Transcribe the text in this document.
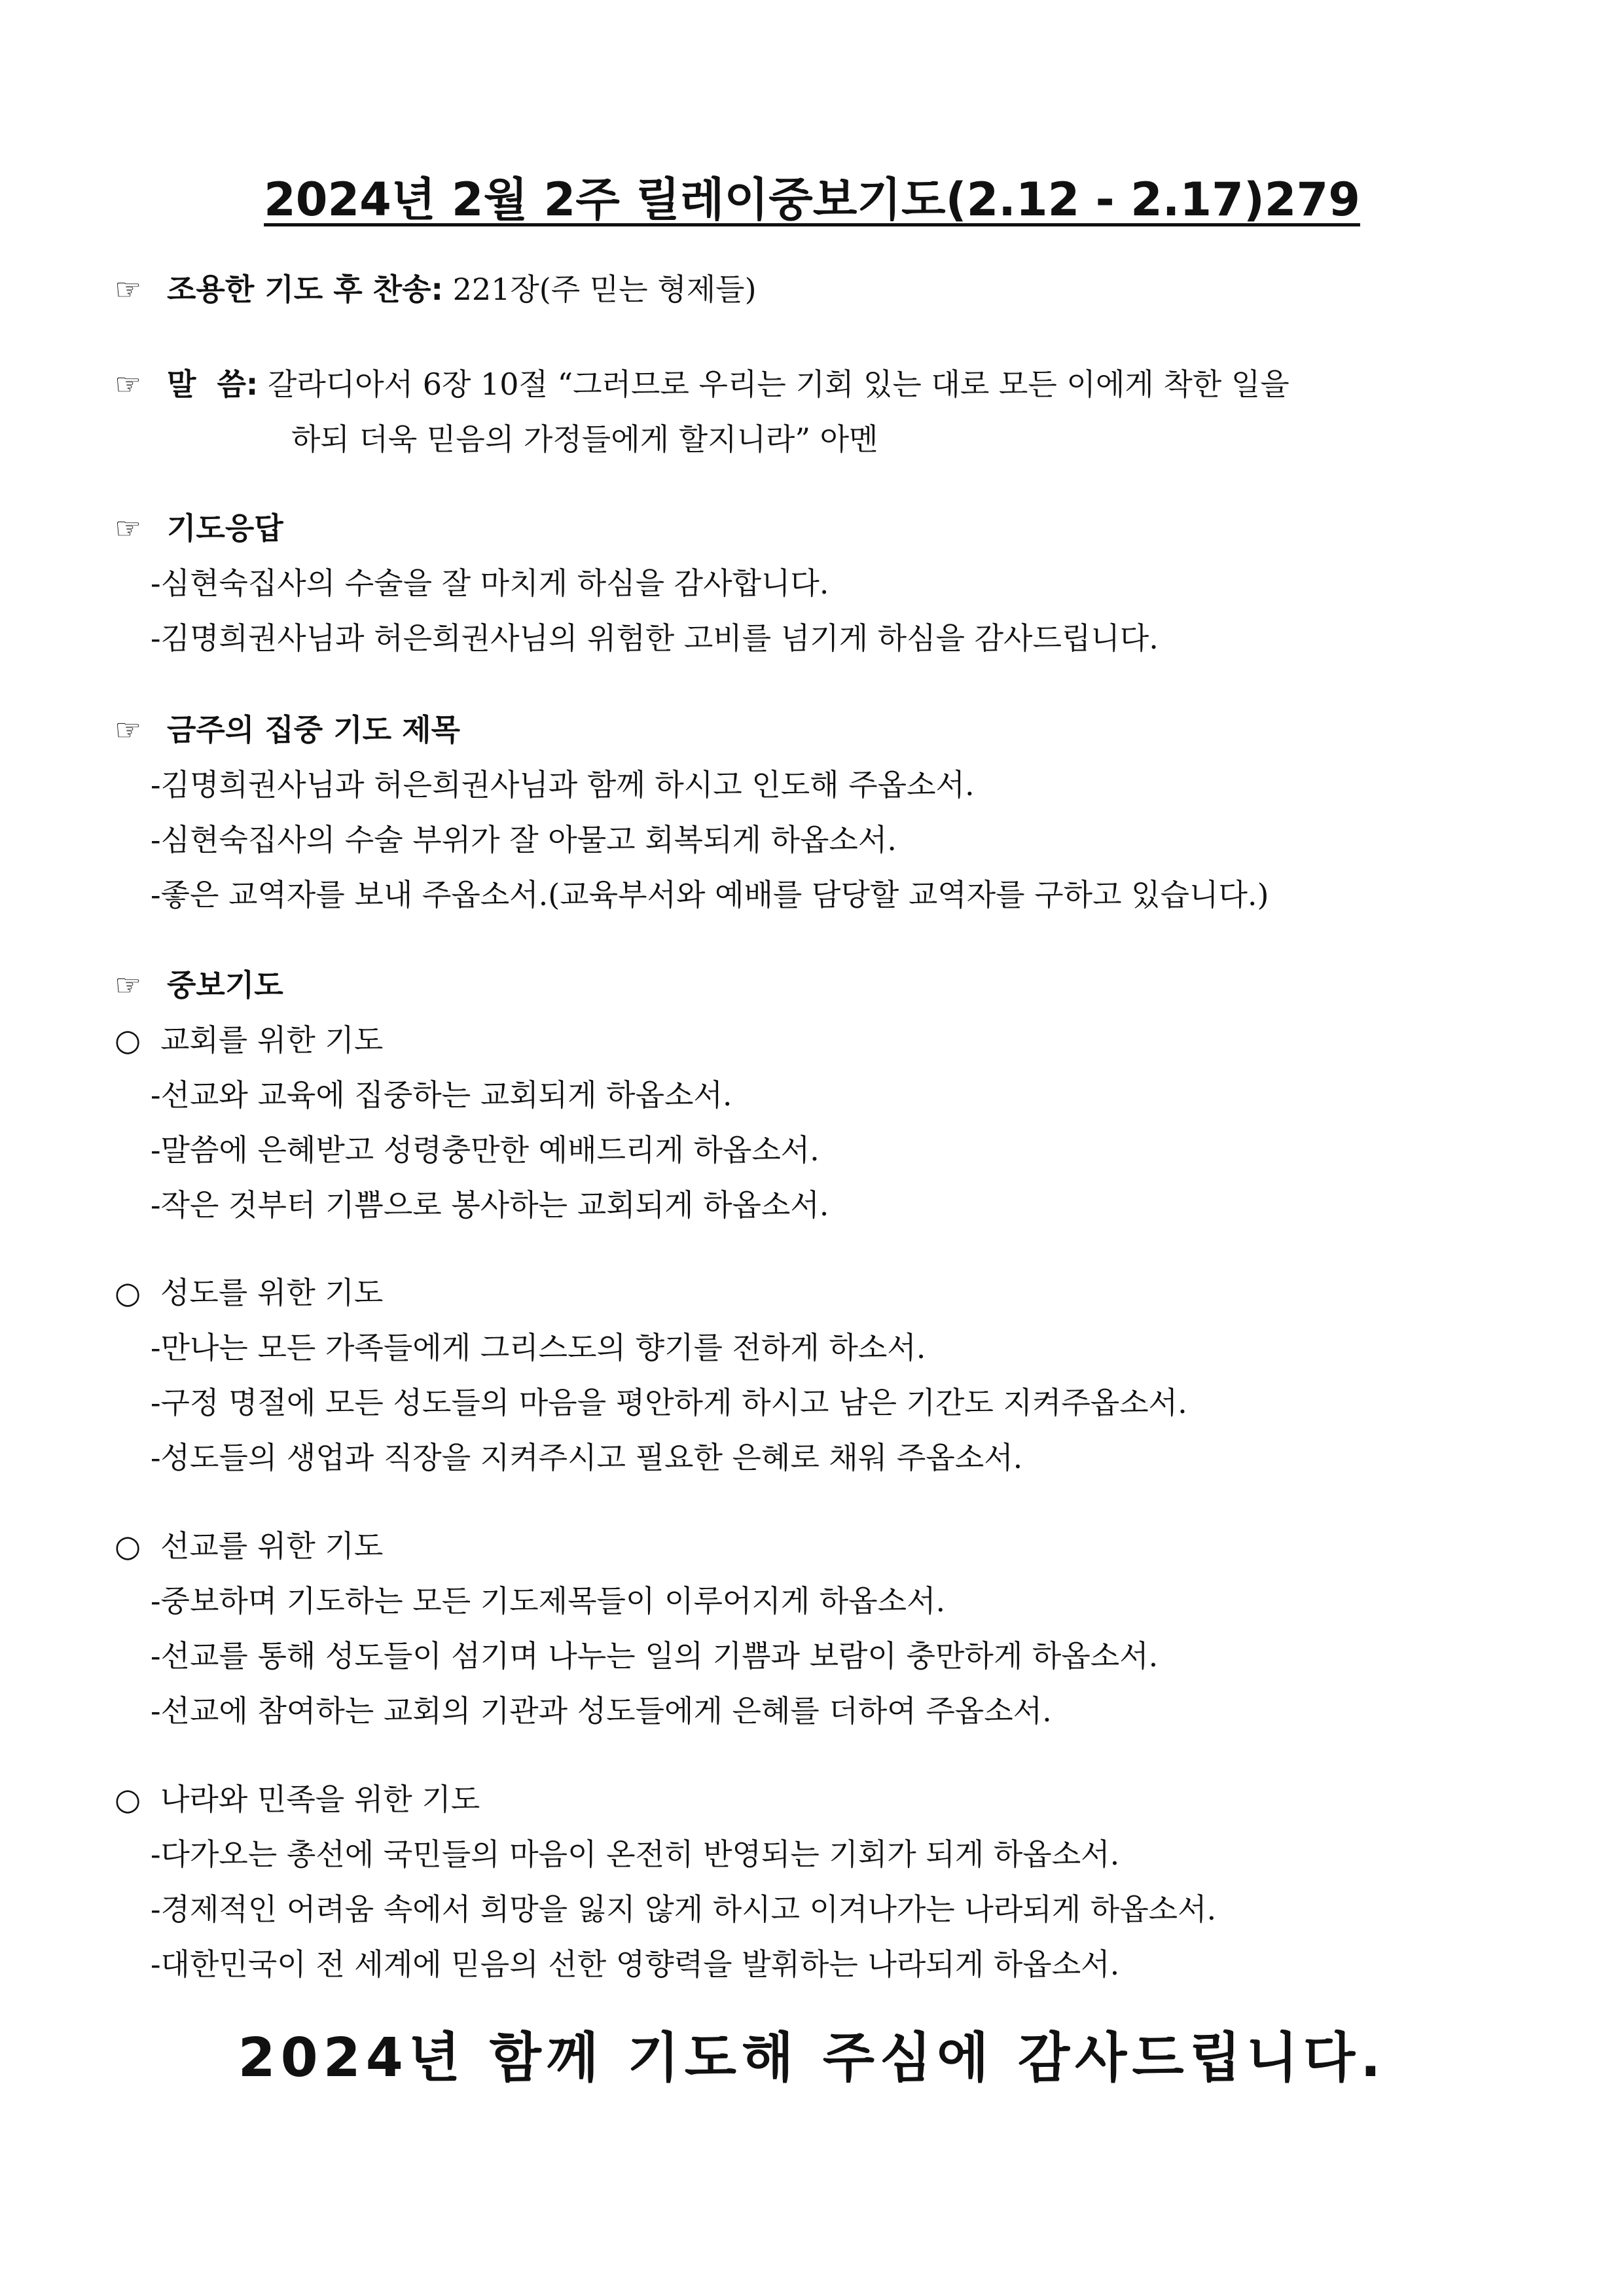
2024년 2월 2주 릴레이중보기도(2.12 - 2.17)279
☞ 조용한 기도 후 찬송: 221장(주 믿는 형제들)
☞ 말  씀: 갈라디아서 6장 10절 “그러므로 우리는 기회 있는 대로 모든 이에게 착한 일을
하되 더욱 믿음의 가정들에게 할지니라” 아멘
☞ 기도응답
-심현숙집사의 수술을 잘 마치게 하심을 감사합니다.
-김명희권사님과 허은희권사님의 위험한 고비를 넘기게 하심을 감사드립니다.
☞ 금주의 집중 기도 제목
-김명희권사님과 허은희권사님과 함께 하시고 인도해 주옵소서.
-심현숙집사의 수술 부위가 잘 아물고 회복되게 하옵소서.
-좋은 교역자를 보내 주옵소서.(교육부서와 예배를 담당할 교역자를 구하고 있습니다.)
☞ 중보기도
○ 교회를 위한 기도
-선교와 교육에 집중하는 교회되게 하옵소서.
-말씀에 은혜받고 성령충만한 예배드리게 하옵소서.
-작은 것부터 기쁨으로 봉사하는 교회되게 하옵소서.
○ 성도를 위한 기도
-만나는 모든 가족들에게 그리스도의 향기를 전하게 하소서.
-구정 명절에 모든 성도들의 마음을 평안하게 하시고 남은 기간도 지켜주옵소서.
-성도들의 생업과 직장을 지켜주시고 필요한 은혜로 채워 주옵소서.
○ 선교를 위한 기도
-중보하며 기도하는 모든 기도제목들이 이루어지게 하옵소서.
-선교를 통해 성도들이 섬기며 나누는 일의 기쁨과 보람이 충만하게 하옵소서.
-선교에 참여하는 교회의 기관과 성도들에게 은혜를 더하여 주옵소서.
○ 나라와 민족을 위한 기도
-다가오는 총선에 국민들의 마음이 온전히 반영되는 기회가 되게 하옵소서.
-경제적인 어려움 속에서 희망을 잃지 않게 하시고 이겨나가는 나라되게 하옵소서.
-대한민국이 전 세계에 믿음의 선한 영향력을 발휘하는 나라되게 하옵소서.
2024년 함께 기도해 주심에 감사드립니다.
